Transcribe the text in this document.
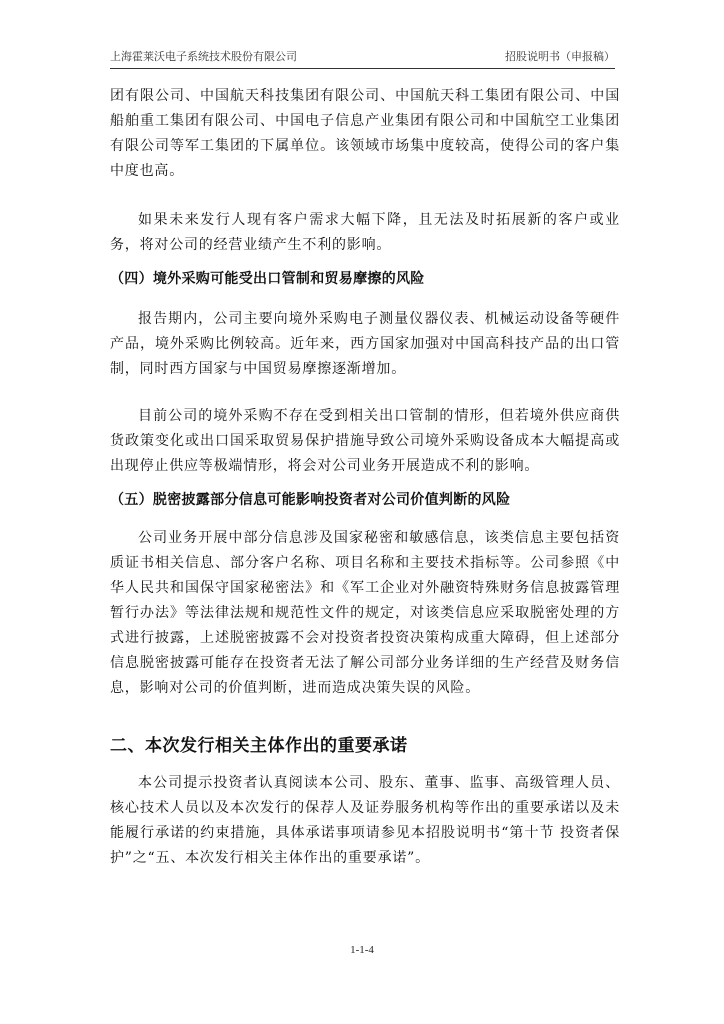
上海霍莱沃电子系统技术股份有限公司	招股说明书（申报稿）

团有限公司、中国航天科技集团有限公司、中国航天科工集团有限公司、中国船舶重工集团有限公司、中国电子信息产业集团有限公司和中国航空工业集团有限公司等军工集团的下属单位。该领域市场集中度较高，使得公司的客户集中度也高。

如果未来发行人现有客户需求大幅下降，且无法及时拓展新的客户或业务，将对公司的经营业绩产生不利的影响。

（四）境外采购可能受出口管制和贸易摩擦的风险

报告期内，公司主要向境外采购电子测量仪器仪表、机械运动设备等硬件产品，境外采购比例较高。近年来，西方国家加强对中国高科技产品的出口管制，同时西方国家与中国贸易摩擦逐渐增加。

目前公司的境外采购不存在受到相关出口管制的情形，但若境外供应商供货政策变化或出口国采取贸易保护措施导致公司境外采购设备成本大幅提高或出现停止供应等极端情形，将会对公司业务开展造成不利的影响。

（五）脱密披露部分信息可能影响投资者对公司价值判断的风险

公司业务开展中部分信息涉及国家秘密和敏感信息，该类信息主要包括资质证书相关信息、部分客户名称、项目名称和主要技术指标等。公司参照《中华人民共和国保守国家秘密法》和《军工企业对外融资特殊财务信息披露管理暂行办法》等法律法规和规范性文件的规定，对该类信息应采取脱密处理的方式进行披露，上述脱密披露不会对投资者投资决策构成重大障碍，但上述部分信息脱密披露可能存在投资者无法了解公司部分业务详细的生产经营及财务信息，影响对公司的价值判断，进而造成决策失误的风险。

二、本次发行相关主体作出的重要承诺

本公司提示投资者认真阅读本公司、股东、董事、监事、高级管理人员、核心技术人员以及本次发行的保荐人及证券服务机构等作出的重要承诺以及未能履行承诺的约束措施，具体承诺事项请参见本招股说明书“第十节 投资者保护”之“五、本次发行相关主体作出的重要承诺”。

1-1-4
